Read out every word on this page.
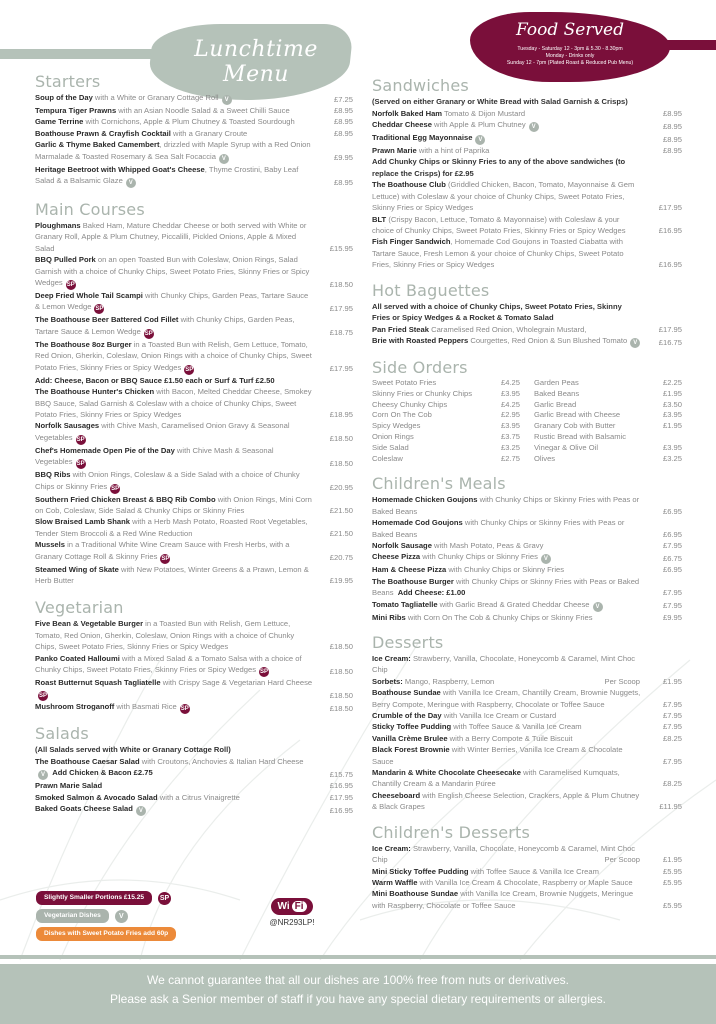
Lunchtime Menu
Food Served
Tuesday - Saturday 12 - 3pm & 5.30 - 8.30pm
Monday - Drinks only
Sunday 12 - 7pm (Plated Roast & Reduced Pub Menu)
Starters
Soup of the Day with a White or Granary Cottage Roll V	£7.25
Tempura Tiger Prawns with an Asian Noodle Salad & a Sweet Chilli Sauce	£8.95
Game Terrine with Cornichons, Apple & Plum Chutney & Toasted Sourdough	£8.95
Boathouse Prawn & Crayfish Cocktail with a Granary Croute	£8.95
Garlic & Thyme Baked Camembert, drizzled with Maple Syrup with a Red Onion Marmalade & Toasted Rosemary & Sea Salt Focaccia V	£9.95
Heritage Beetroot with Whipped Goat's Cheese, Thyme Crostini, Baby Leaf Salad & a Balsamic Glaze V	£8.95
Main Courses
Ploughmans Baked Ham, Mature Cheddar Cheese or both served with White or Granary Roll, Apple & Plum Chutney, Piccalilli, Pickled Onions, Apple & Mixed Salad	£15.95
BBQ Pulled Pork on an open Toasted Bun with Coleslaw, Onion Rings, Salad Garnish with a choice of Chunky Chips, Sweet Potato Fries, Skinny Fries or Spicy Wedges SP	£18.50
Deep Fried Whole Tail Scampi with Chunky Chips, Garden Peas, Tartare Sauce & Lemon Wedge SP	£17.95
The Boathouse Beer Battered Cod Fillet with Chunky Chips, Garden Peas, Tartare Sauce & Lemon Wedge SP	£18.75
The Boathouse 8oz Burger in a Toasted Bun with Relish, Gem Lettuce, Tomato, Red Onion, Gherkin, Coleslaw, Onion Rings with a choice of Chunky Chips, Sweet Potato Fries, Skinny Fries or Spicy Wedges SP	£17.95
Add: Cheese, Bacon or BBQ Sauce £1.50 each or Surf & Turf £2.50
The Boathouse Hunter's Chicken with Bacon, Melted Cheddar Cheese, Smokey BBQ Sauce, Salad Garnish & Coleslaw with a choice of Chunky Chips, Sweet Potato Fries, Skinny Fries or Spicy Wedges	£18.95
Norfolk Sausages with Chive Mash, Caramelised Onion Gravy & Seasonal Vegetables SP	£18.50
Chef's Homemade Open Pie of the Day with Chive Mash & Seasonal Vegetables SP	£18.50
BBQ Ribs with Onion Rings, Coleslaw & a Side Salad with a choice of Chunky Chips or Skinny Fries SP	£20.95
Southern Fried Chicken Breast & BBQ Rib Combo with Onion Rings, Mini Corn on Cob, Coleslaw, Side Salad & Chunky Chips or Skinny Fries	£21.50
Slow Braised Lamb Shank with a Herb Mash Potato, Roasted Root Vegetables, Tender Stem Broccoli & a Red Wine Reduction	£21.50
Mussels in a Traditional White Wine Cream Sauce with Fresh Herbs, with a Granary Cottage Roll & Skinny Fries SP	£20.75
Steamed Wing of Skate with New Potatoes, Winter Greens & a Prawn, Lemon & Herb Butter	£19.95
Vegetarian
Five Bean & Vegetable Burger in a Toasted Bun with Relish, Gem Lettuce, Tomato, Red Onion, Gherkin, Coleslaw, Onion Rings with a choice of Chunky Chips, Sweet Potato Fries, Skinny Fries or Spicy Wedges	£18.50
Panko Coated Halloumi with a Mixed Salad & a Tomato Salsa with a choice of Chunky Chips, Sweet Potato Fries, Skinny Fries or Spicy Wedges SP	£18.50
Roast Butternut Squash Tagliatelle with Crispy Sage & Vegetarian Hard CheeseSP	£18.50
Mushroom Stroganoff with Basmati Rice SP	£18.50
Salads
(All Salads served with White or Granary Cottage Roll)
The Boathouse Caesar Salad with Croutons, Anchovies & Italian Hard CheeseV Add Chicken & Bacon £2.75	£15.75
Prawn Marie Salad	£16.95
Smoked Salmon & Avocado Salad with a Citrus Vinaigrette	£17.95
Baked Goats Cheese Salad V	£16.95
Sandwiches
(Served on either Granary or White Bread with Salad Garnish & Crisps)
Norfolk Baked Ham Tomato & Dijon Mustard	£8.95
Cheddar Cheese with Apple & Plum Chutney V	£8.95
Traditional Egg Mayonnaise V	£8.95
Prawn Marie with a hint of Paprika	£8.95
Add Chunky Chips or Skinny Fries to any of the above sandwiches (to replace the Crisps) for £2.95
The Boathouse Club (Griddled Chicken, Bacon, Tomato, Mayonnaise & Gem Lettuce) with Coleslaw & your choice of Chunky Chips, Sweet Potato Fries, Skinny Fries or Spicy Wedges	£17.95
BLT (Crispy Bacon, Lettuce, Tomato & Mayonnaise) with Coleslaw & your choice of Chunky Chips, Sweet Potato Fries, Skinny Fries or Spicy Wedges	£16.95
Fish Finger Sandwich, Homemade Cod Goujons in Toasted Ciabatta with Tartare Sauce, Fresh Lemon & your choice of Chunky Chips, Sweet Potato Fries, Skinny Fries or Spicy Wedges	£16.95
Hot Baguettes
All served with a choice of Chunky Chips, Sweet Potato Fries, Skinny Fries or Spicy Wedges & a Rocket & Tomato Salad
Pan Fried Steak Caramelised Red Onion, Wholegrain Mustard,	£17.95
Brie with Roasted Peppers Courgettes, Red Onion & Sun Blushed Tomato V	£16.75
Side Orders
Sweet Potato Fries	£4.25
Skinny Fries or Chunky Chips	£3.95
Cheesy Chunky Chips	£4.25
Corn On The Cob	£2.95
Spicy Wedges	£3.95
Onion Rings	£3.75
Side Salad	£3.25
Coleslaw	£2.75
Garden Peas	£2.25
Baked Beans	£1.95
Garlic Bread	£3.50
Garlic Bread with Cheese	£3.95
Granary Cob with Butter	£1.95
Rustic Bread with Balsamic
Vinegar & Olive Oil	£3.95
Olives	£3.25
Children's Meals
Homemade Chicken Goujons with Chunky Chips or Skinny Fries with Peas or Baked Beans	£6.95
Homemade Cod Goujons with Chunky Chips or Skinny Fries with Peas or Baked Beans	£6.95
Norfolk Sausage with Mash Potato, Peas & Gravy	£7.95
Cheese Pizza with Chunky Chips or Skinny Fries V	£6.75
Ham & Cheese Pizza with Chunky Chips or Skinny Fries	£6.95
The Boathouse Burger with Chunky Chips or Skinny Fries with Peas or Baked Beans Add Cheese: £1.00	£7.95
Tomato Tagliatelle with Garlic Bread & Grated Cheddar Cheese V	£7.95
Mini Ribs with Corn On The Cob & Chunky Chips or Skinny Fries	£9.95
Desserts
Ice Cream: Strawberry, Vanilla, Chocolate, Honeycomb & Caramel, Mint Choc Chip
Sorbets: Mango, Raspberry, Lemon	Per Scoop	£1.95
Boathouse Sundae with Vanilla Ice Cream, Chantilly Cream, Brownie Nuggets, Berry Compote, Meringue with Raspberry, Chocolate or Toffee Sauce	£7.95
Crumble of the Day with Vanilla Ice Cream or Custard	£7.95
Sticky Toffee Pudding with Toffee Sauce & Vanilla Ice Cream	£7.95
Vanilla Crème Brulee with a Berry Compote & Tuile Biscuit	£8.25
Black Forest Brownie with Winter Berries, Vanilla Ice Cream & Chocolate Sauce	£7.95
Mandarin & White Chocolate Cheesecake with Caramelised Kumquats, Chantilly Cream & a Mandarin Puree	£8.25
Cheeseboard with English Cheese Selection, Crackers, Apple & Plum Chutney & Black Grapes	£11.95
Children's Desserts
Ice Cream: Strawberry, Vanilla, Chocolate, Honeycomb & Caramel, Mint Choc Chip	Per Scoop	£1.95
Mini Sticky Toffee Pudding with Toffee Sauce & Vanilla Ice Cream	£5.95
Warm Waffle with Vanilla Ice Cream & Chocolate, Raspberry or Maple Sauce	£5.95
Mini Boathouse Sundae with Vanilla Ice Cream, Brownie Nuggets, Meringue with Raspberry, Chocolate or Toffee Sauce	£5.95
Slightly Smaller Portions £15.25	SP
Vegetarian Dishes	V
Dishes with Sweet Potato Fries add 60p
Wi Fi
@NR293LP!
We cannot guarantee that all our dishes are 100% free from nuts or derivatives.
Please ask a Senior member of staff if you have any special dietary requirements or allergies.
